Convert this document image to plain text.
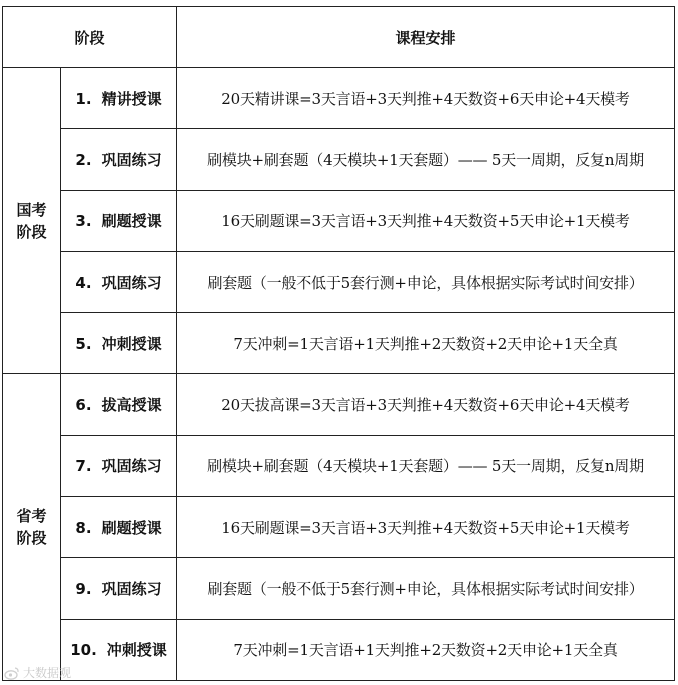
阶段		课程安排

国考
阶段	1. 精讲授课	20天精讲课=3天言语+3天判推+4天数资+6天申论+4天模考
	2. 巩固练习	刷模块+刷套题（4天模块+1天套题）—— 5天一周期，反复n周期
	3. 刷题授课	16天刷题课=3天言语+3天判推+4天数资+5天申论+1天模考
	4. 巩固练习	刷套题（一般不低于5套行测+申论，具体根据实际考试时间安排）
	5. 冲刺授课	7天冲刺=1天言语+1天判推+2天数资+2天申论+1天全真

省考
阶段	6. 拔高授课	20天拔高课=3天言语+3天判推+4天数资+6天申论+4天模考
	7. 巩固练习	刷模块+刷套题（4天模块+1天套题）—— 5天一周期，反复n周期
	8. 刷题授课	16天刷题课=3天言语+3天判推+4天数资+5天申论+1天模考
	9. 巩固练习	刷套题（一般不低于5套行测+申论，具体根据实际考试时间安排）
	10. 冲刺授课	7天冲刺=1天言语+1天判推+2天数资+2天申论+1天全真
大数据观
